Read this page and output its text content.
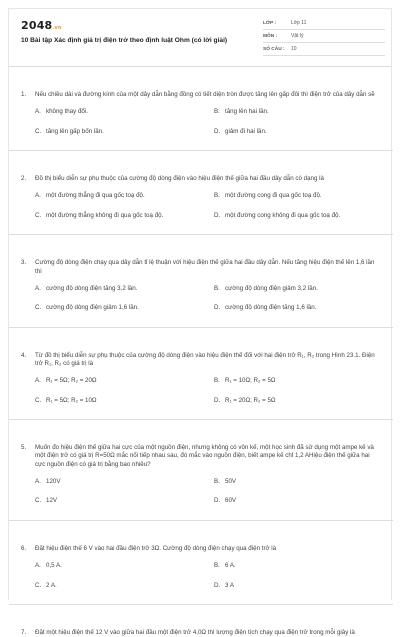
2048.vn
10 Bài tập Xác định giá trị điện trở theo định luật Ohm (có lời giải)
LỚP :	Lớp 11
MÔN :	Vật lý
SỐ CÂU :	10
1.	Nếu chiều dài và đường kính của một dây dẫn bằng đồng có tiết diện tròn được tăng lên gấp đôi thì điện trở của dây dẫn sẽ
A. không thay đổi.	B. tăng lên hai lần.
C. tăng lên gấp bốn lần.	D. giảm đi hai lần.
2.	Đồ thị biểu diễn sự phụ thuộc của cường độ dòng điện vào hiệu điện thế giữa hai đầu dây dẫn có dạng là
A. một đường thẳng đi qua gốc toạ độ.	B. một đường cong đi qua gốc toạ độ.
C. một đường thẳng không đi qua gốc toạ độ.	D. một đường cong không đi qua gốc toạ độ.
3.	Cường độ dòng điện chạy qua dây dẫn tỉ lệ thuận với hiệu điện thế giữa hai đầu dây dẫn. Nếu tăng hiệu điện thế lên 1,6 lần thì
A. cường độ dòng điện tăng 3,2 lần.	B. cường độ dòng điện giảm 3,2 lần.
C. cường độ dòng điện giảm 1,6 lần.	D. cường độ dòng điện tăng 1,6 lần.
4.	Từ đồ thị biểu diễn sự phụ thuộc của cường độ dòng điện vào hiệu điện thế đối với hai điện trở R₁, R₂ trong Hình 23.1. Điện trở R₁, R₂ có giá trị là
A. R₁ = 5Ω; R₂ = 20Ω	B. R₁ = 10Ω; R₂ = 5Ω
C. R₁ = 5Ω; R₂ = 10Ω	D. R₁ = 20Ω; R₂ = 5Ω
5.	Muốn đo hiệu điện thế giữa hai cực của một nguồn điện, nhưng không có vôn kế, một học sinh đã sử dụng một ampe kế và một điện trở có giá trị R=50Ω mắc nối tiếp nhau sau, đó mắc vào nguồn điện, biết ampe kế chỉ 1,2 AHiệu điện thế giữa hai cực nguồn điện có giá trị bằng bao nhiêu?
A. 120V	B. 50V
C. 12V	D. 60V
6.	Đặt hiệu điện thế 6 V vào hai đầu điện trở 3Ω. Cường độ dòng điện chạy qua điện trở là
A. 0,5 A.	B. 6 A.
C. 2 A.	D. 3 A
7.	Đặt một hiệu điện thế 12 V vào giữa hai đầu một điện trở 4,0Ω thì lượng điện tích chạy qua điện trở trong mỗi giây là
